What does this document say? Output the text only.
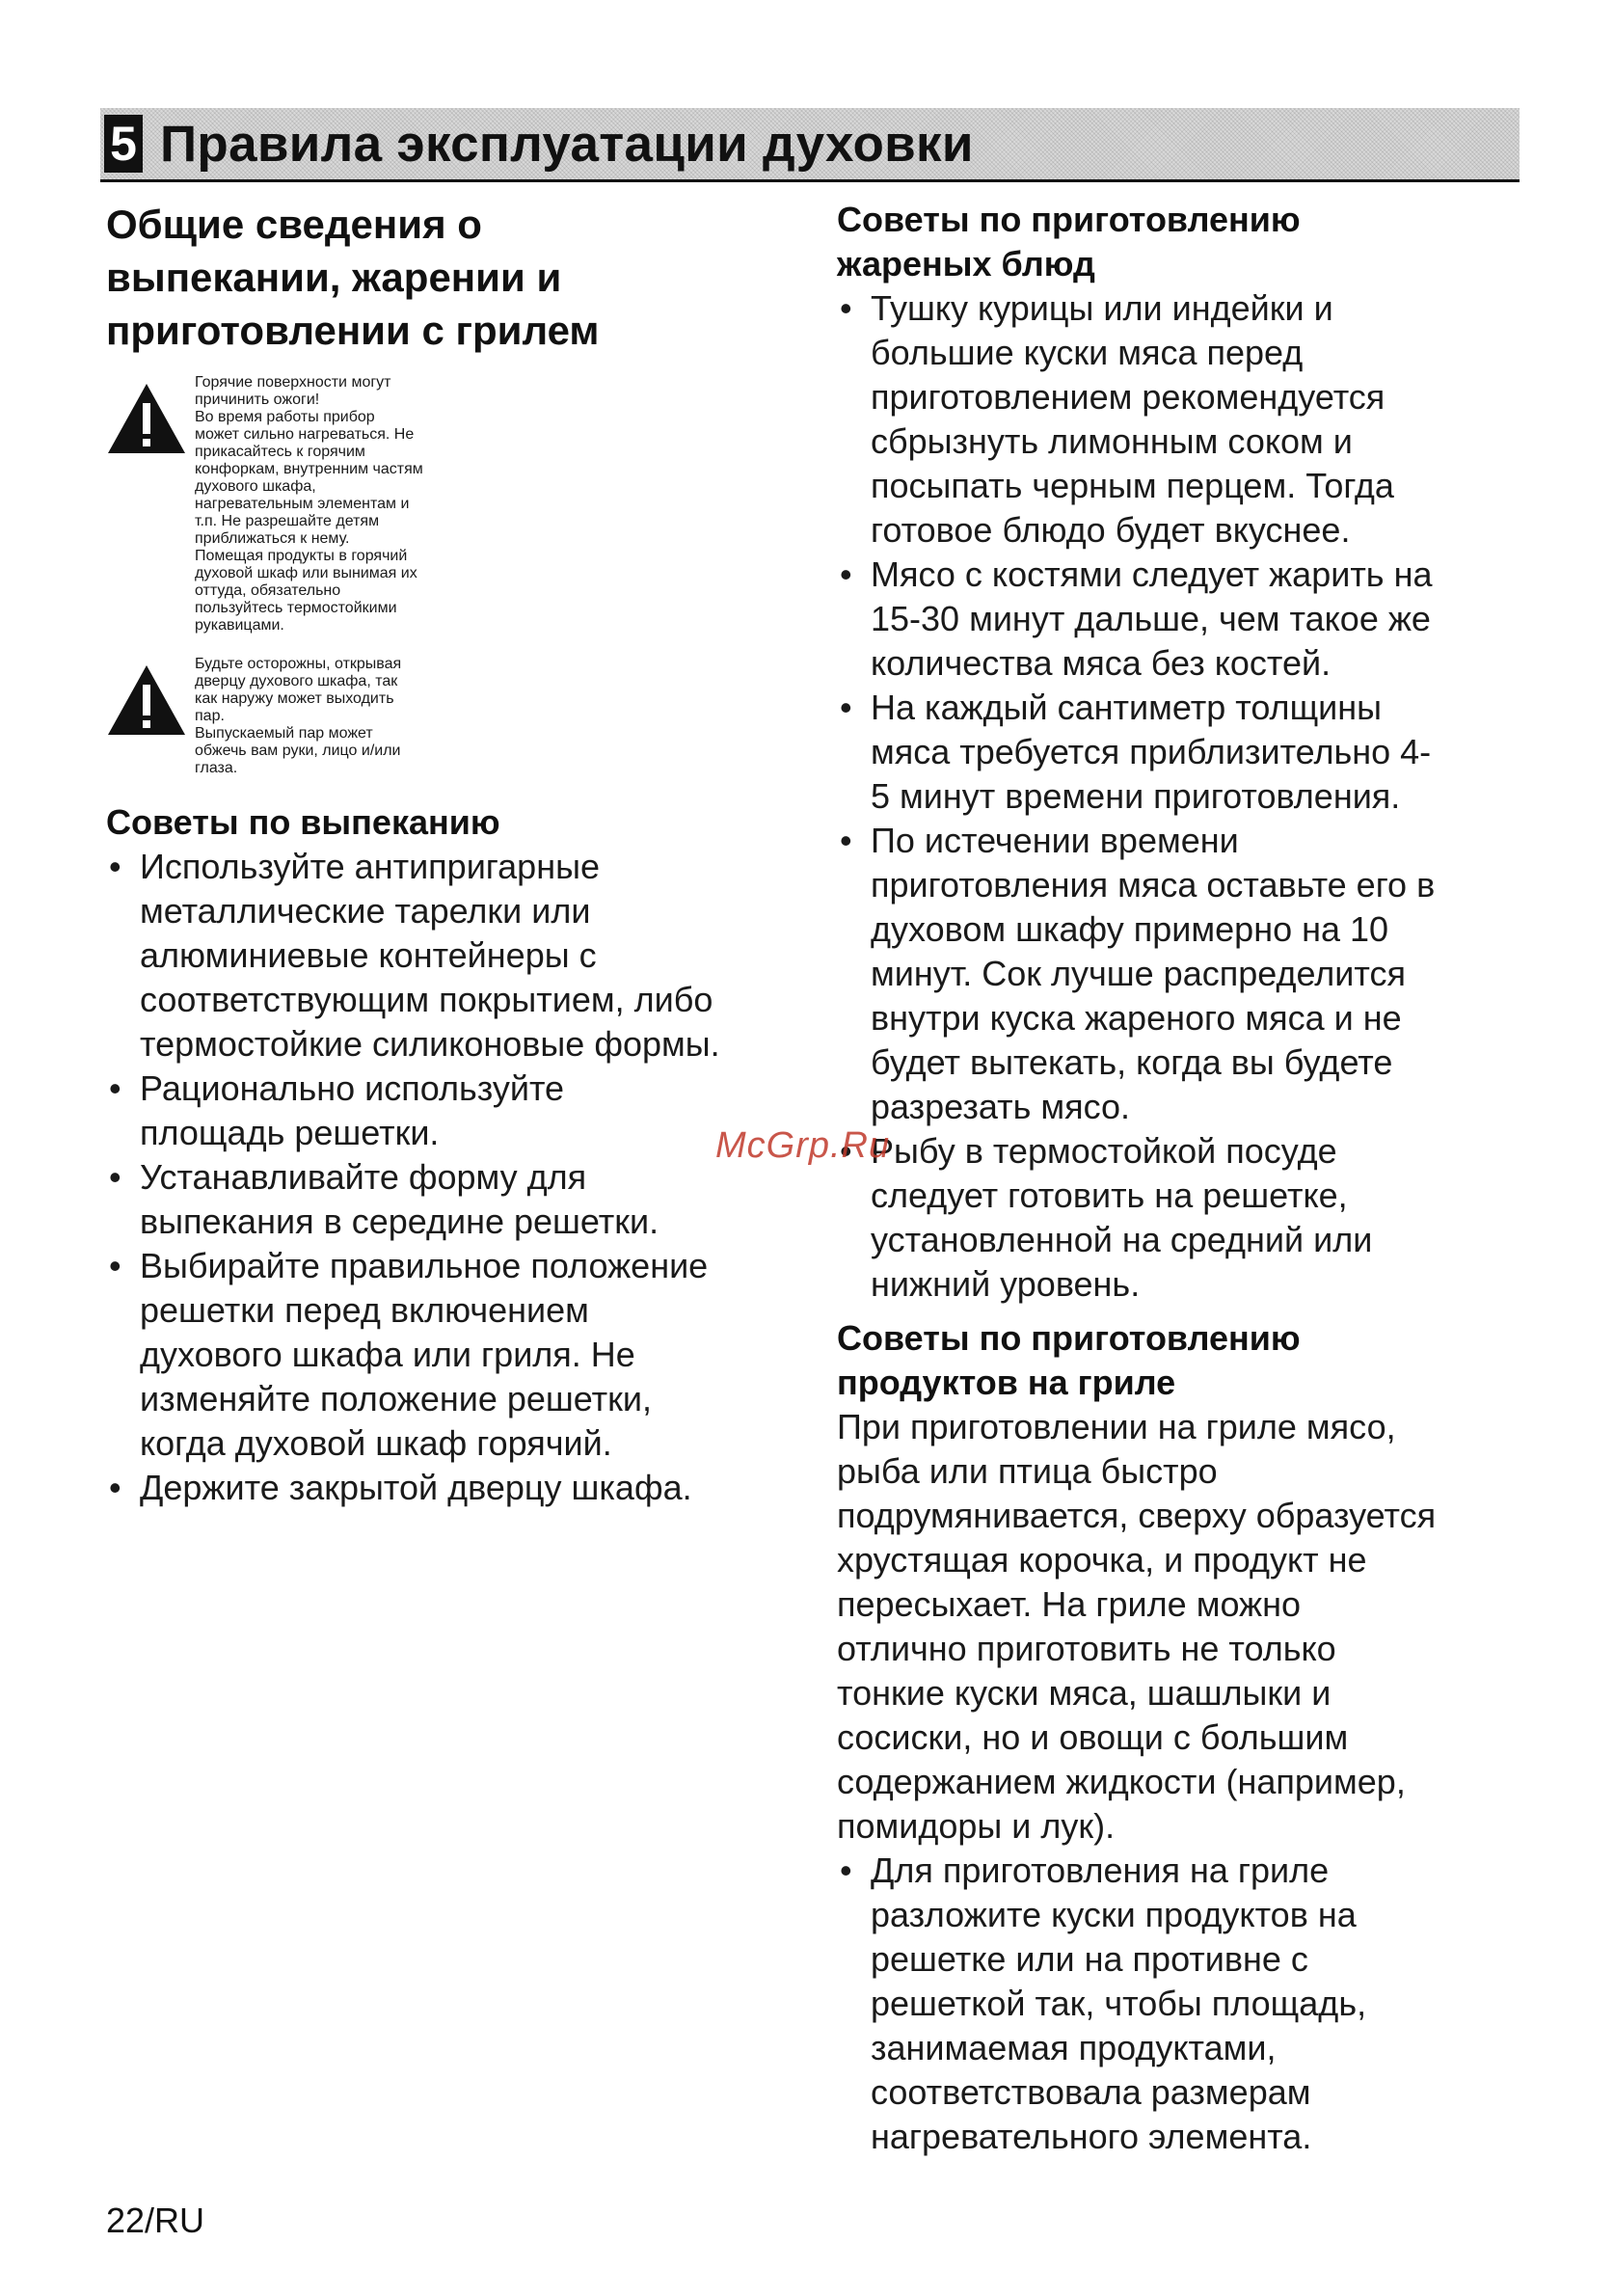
5 Правила эксплуатации духовки
Общие сведения о
выпекании, жарении и
приготовлении с грилем
Горячие поверхности могут
причинить ожоги!
Во время работы прибор
может сильно нагреваться. Не
прикасайтесь к горячим
конфоркам, внутренним частям
духового шкафа,
нагревательным элементам и
т.п. Не разрешайте детям
приближаться к нему.
Помещая продукты в горячий
духовой шкаф или вынимая их
оттуда, обязательно
пользуйтесь термостойкими
рукавицами.
Будьте осторожны, открывая
дверцу духового шкафа, так
как наружу может выходить
пар.
Выпускаемый пар может
обжечь вам руки, лицо и/или
глаза.
Советы по выпеканию
• Используйте антипригарные
металлические тарелки или
алюминиевые контейнеры с
соответствующим покрытием, либо
термостойкие силиконовые формы.
• Рационально используйте
площадь решетки.
• Устанавливайте форму для
выпекания в середине решетки.
• Выбирайте правильное положение
решетки перед включением
духового шкафа или гриля. Не
изменяйте положение решетки,
когда духовой шкаф горячий.
• Держите закрытой дверцу шкафа.
Советы по приготовлению
жареных блюд
• Тушку курицы или индейки и
большие куски мяса перед
приготовлением рекомендуется
сбрызнуть лимонным соком и
посыпать черным перцем. Тогда
готовое блюдо будет вкуснее.
• Мясо с костями следует жарить на
15-30 минут дальше, чем такое же
количества мяса без костей.
• На каждый сантиметр толщины
мяса требуется приблизительно 4-
5 минут времени приготовления.
• По истечении времени
приготовления мяса оставьте его в
духовом шкафу примерно на 10
минут. Сок лучше распределится
внутри куска жареного мяса и не
будет вытекать, когда вы будете
разрезать мясо.
• Рыбу в термостойкой посуде
следует готовить на решетке,
установленной на средний или
нижний уровень.
Советы по приготовлению
продуктов на гриле
При приготовлении на гриле мясо,
рыба или птица быстро
подрумянивается, сверху образуется
хрустящая корочка, и продукт не
пересыхает. На гриле можно
отлично приготовить не только
тонкие куски мяса, шашлыки и
сосиски, но и овощи с большим
содержанием жидкости (например,
помидоры и лук).
• Для приготовления на гриле
разложите куски продуктов на
решетке или на противне с
решеткой так, чтобы площадь,
занимаемая продуктами,
соответствовала размерам
нагревательного элемента.
McGrp.Ru
22/RU
